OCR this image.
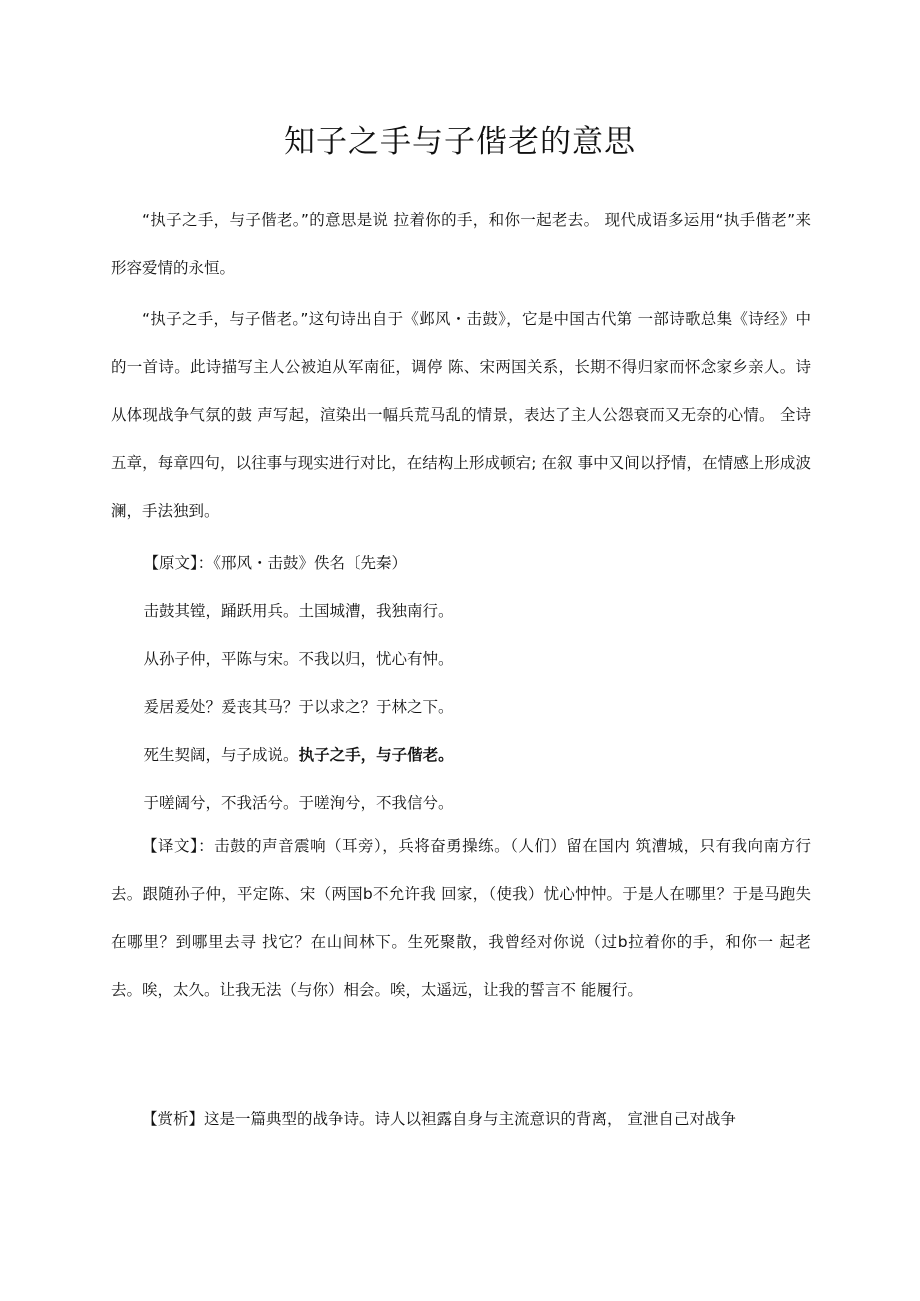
知子之手与子偕老的意思

“执子之手，与子偕老。”的意思是说 拉着你的手，和你一起老去。 现代成语多运用“执手偕老”来形容爱情的永恒。

“执子之手，与子偕老。”这句诗出自于《邺风・击鼓》，它是中国古代第 一部诗歌总集《诗经》中的一首诗。此诗描写主人公被迫从军南征，调停 陈、宋两国关系，长期不得归家而怀念家乡亲人。诗从体现战争气氛的鼓 声写起，渲染出一幅兵荒马乱的情景，表达了主人公怨衰而又无奈的心情。 全诗五章，每章四句，以往事与现实进行对比，在结构上形成顿宕; 在叙 事中又间以抒情，在情感上形成波澜，手法独到。

【原文】：《邢风・击鼓》佚名〔先秦）

击鼓其镗，踊跃用兵。土国城漕，我独南行。

从孙子仲，平陈与宋。不我以归，忧心有忡。

爰居爰处？爰丧其马？于以求之？于林之下。

死生契阔，与子成说。执子之手，与子偕老。

于嗟阔兮，不我活兮。于嗟洵兮，不我信兮。

【译文】：击鼓的声音震响（耳旁），兵将奋勇操练。（人们）留在国内 筑漕城，只有我向南方行去。跟随孙子仲，平定陈、宋（两国b不允许我 回家，（使我）忧心忡忡。于是人在哪里？于是马跑失在哪里？到哪里去寻 找它？在山间林下。生死聚散，我曾经对你说（过b拉着你的手，和你一 起老去。唉，太久。让我无法（与你）相会。唉，太遥远，让我的誓言不 能履行。

【赏析】这是一篇典型的战争诗。诗人以袒露自身与主流意识的背离， 宣泄自己对战争
